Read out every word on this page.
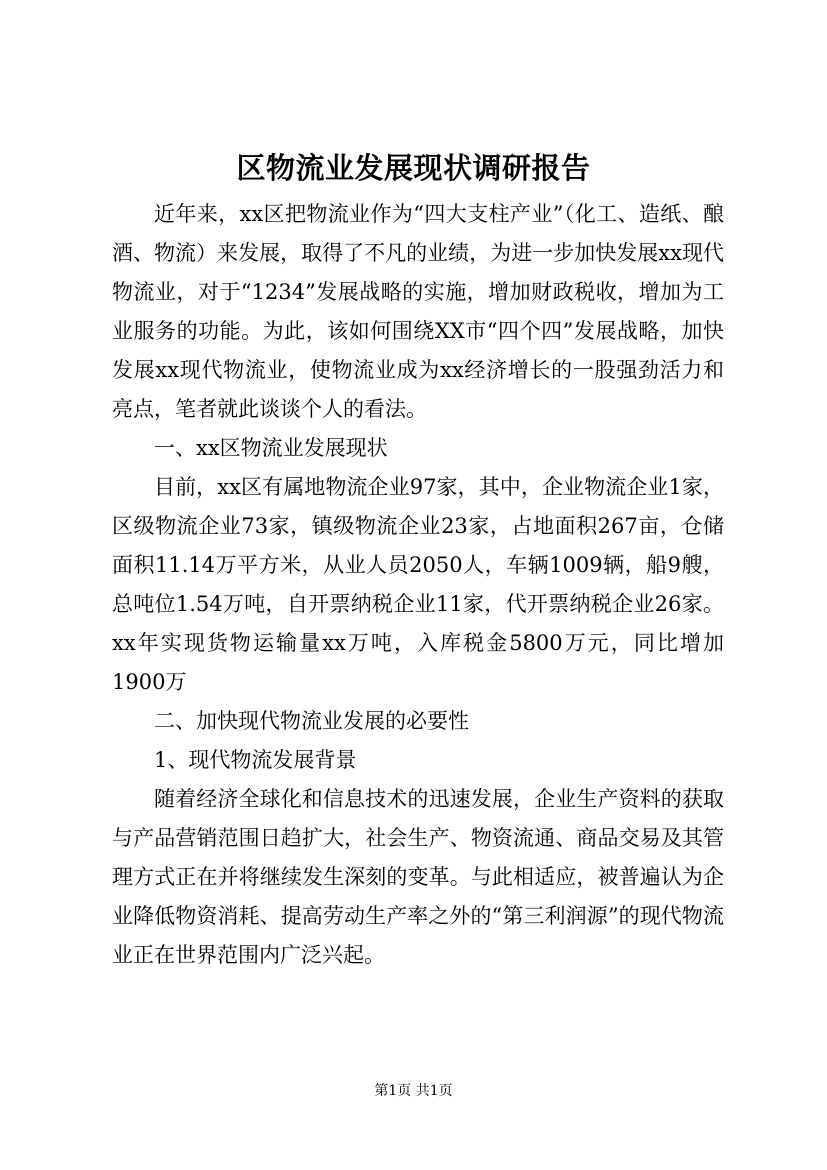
区物流业发展现状调研报告

近年来，xx区把物流业作为“四大支柱产业”（化工、造纸、酿酒、物流）来发展，取得了不凡的业绩，为进一步加快发展xx现代物流业，对于“1234”发展战略的实施，增加财政税收，增加为工业服务的功能。为此，该如何围绕XX市“四个四”发展战略，加快发展xx现代物流业，使物流业成为xx经济增长的一股强劲活力和亮点，笔者就此谈谈个人的看法。

一、xx区物流业发展现状

目前，xx区有属地物流企业97家，其中，企业物流企业1家，区级物流企业73家，镇级物流企业23家，占地面积267亩，仓储面积11.14万平方米，从业人员2050人，车辆1009辆，船9艘，总吨位1.54万吨，自开票纳税企业11家，代开票纳税企业26家。xx年实现货物运输量xx万吨，入库税金5800万元，同比增加1900万

二、加快现代物流业发展的必要性

1、现代物流发展背景

随着经济全球化和信息技术的迅速发展，企业生产资料的获取与产品营销范围日趋扩大，社会生产、物资流通、商品交易及其管理方式正在并将继续发生深刻的变革。与此相适应，被普遍认为企业降低物资消耗、提高劳动生产率之外的“第三利润源”的现代物流业正在世界范围内广泛兴起。

第1页 共1页
